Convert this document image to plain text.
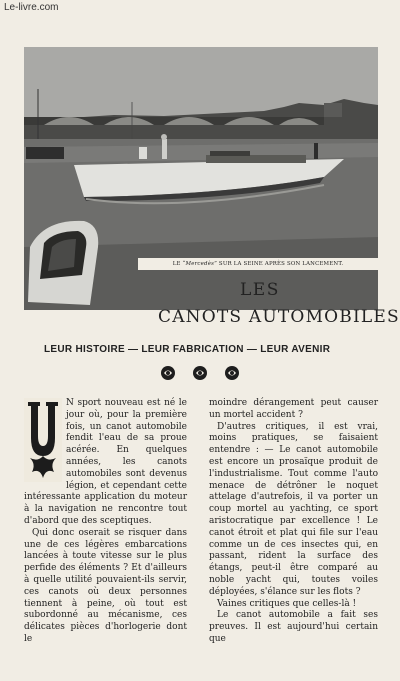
Le-livre.com
LE “Mercedès” SUR LA SEINE APRÈS SON LANCEMENT.
LES
CANOTS AUTOMOBILES
LEUR HISTOIRE — LEUR FABRICATION — LEUR AVENIR

N sport nouveau est né le jour où, pour la première fois, un canot automobile fendit l'eau de sa proue acérée. En quelques années, les canots automobiles sont devenus légion, et cependant cette intéressante application du moteur à la navigation ne rencontre tout d'abord que des sceptiques.

Qui donc oserait se risquer dans une de ces légères embarcations lancées à toute vitesse sur le plus perfide des éléments ? Et d'ailleurs à quelle utilité pouvaient-ils servir, ces canots où deux personnes tiennent à peine, où tout est subordonné au mécanisme, ces délicates pièces d'horlogerie dont le

moindre dérangement peut causer un mortel accident ?

D'autres critiques, il est vrai, moins pratiques, se faisaient entendre : — Le canot automobile est encore un prosaïque produit de l'industrialisme. Tout comme l'auto menace de détrôner le noquet attelage d'autrefois, il va porter un coup mortel au yachting, ce sport aristocratique par excellence ! Le canot étroit et plat qui file sur l'eau comme un de ces insectes qui, en passant, rident la surface des étangs, peut-il être comparé au noble yacht qui, toutes voiles déployées, s'élance sur les flots ?

Vaines critiques que celles-là !

Le canot automobile a fait ses preuves. Il est aujourd'hui certain que
